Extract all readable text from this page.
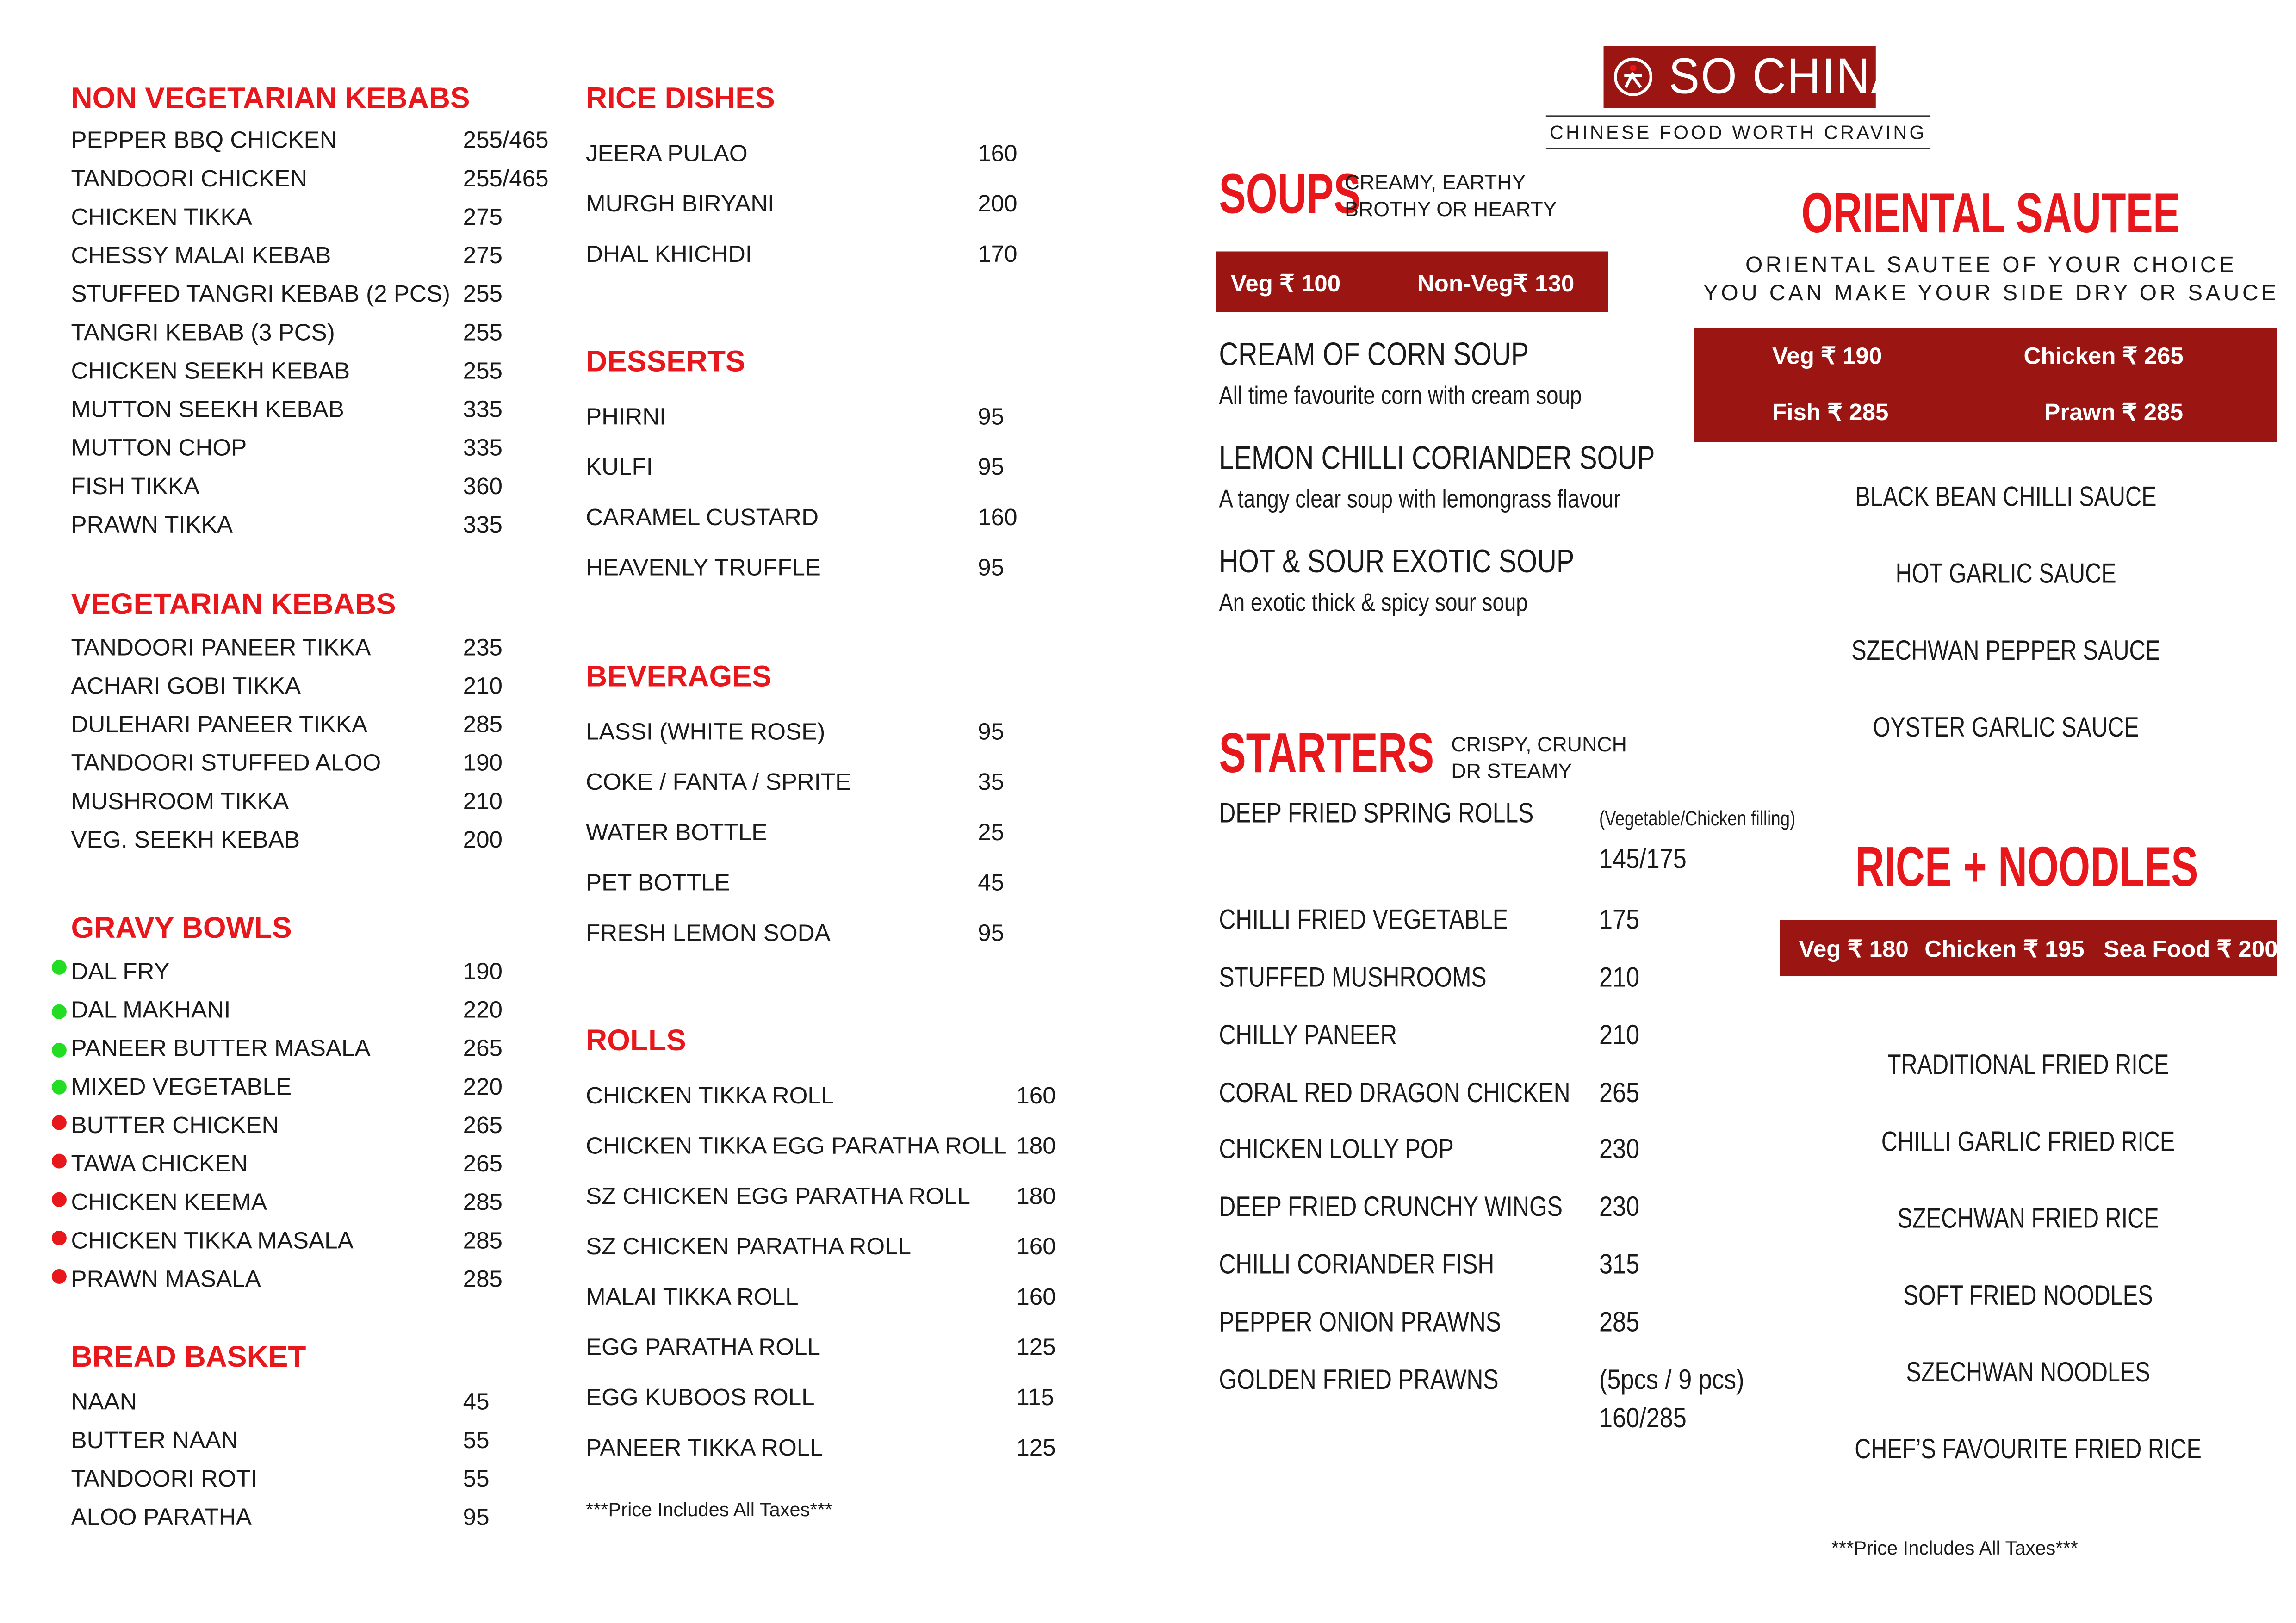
NON VEGETARIAN KEBABS
PEPPER BBQ CHICKEN	255/465
TANDOORI CHICKEN	255/465
CHICKEN TIKKA	275
CHESSY MALAI KEBAB	275
STUFFED TANGRI KEBAB (2 PCS) 255
TANGRI KEBAB (3 PCS)	255
CHICKEN SEEKH KEBAB	255
MUTTON SEEKH KEBAB	335
MUTTON CHOP	335
FISH TIKKA	360
PRAWN TIKKA	335
VEGETARIAN KEBABS
TANDOORI PANEER TIKKA	235
ACHARI GOBI TIKKA	210
DULEHARI PANEER TIKKA	285
TANDOORI STUFFED ALOO	190
MUSHROOM TIKKA	210
VEG. SEEKH KEBAB	200
GRAVY BOWLS
DAL FRY	190
DAL MAKHANI	220
PANEER BUTTER MASALA	265
MIXED VEGETABLE	220
BUTTER CHICKEN	265
TAWA CHICKEN	265
CHICKEN KEEMA	285
CHICKEN TIKKA MASALA	285
PRAWN MASALA	285
BREAD BASKET
NAAN	45
BUTTER NAAN	55
TANDOORI ROTI	55
ALOO PARATHA	95
RICE DISHES
JEERA PULAO	160
MURGH BIRYANI	200
DHAL KHICHDI	170
DESSERTS
PHIRNI	95
KULFI	95
CARAMEL CUSTARD	160
HEAVENLY TRUFFLE	95
BEVERAGES
LASSI (WHITE ROSE)	95
COKE / FANTA / SPRITE	35
WATER BOTTLE	25
PET BOTTLE	45
FRESH LEMON SODA	95
ROLLS
CHICKEN TIKKA ROLL	160
CHICKEN TIKKA EGG PARATHA ROLL 180
SZ CHICKEN EGG PARATHA ROLL	180
SZ CHICKEN PARATHA ROLL	160
MALAI TIKKA ROLL	160
EGG PARATHA ROLL	125
EGG KUBOOS ROLL	115
PANEER TIKKA ROLL	125
***Price Includes All Taxes***
SO CHINA
CHINESE FOOD WORTH CRAVING
SOUPS
CREAMY, EARTHY
BROTHY OR HEARTY
Veg ₹ 100	Non-Veg₹ 130
CREAM OF CORN SOUP
All time favourite corn with cream soup
LEMON CHILLI CORIANDER SOUP
A tangy clear soup with lemongrass flavour
HOT & SOUR EXOTIC SOUP
An exotic thick & spicy sour soup
STARTERS	CRISPY, CRUNCH
DR STEAMY
DEEP FRIED SPRING ROLLS	(Vegetable/Chicken filling)
145/175
CHILLI FRIED VEGETABLE	175
STUFFED MUSHROOMS	210
CHILLY PANEER	210
CORAL RED DRAGON CHICKEN	265
CHICKEN LOLLY POP	230
DEEP FRIED CRUNCHY WINGS	230
CHILLI CORIANDER FISH	315
PEPPER ONION PRAWNS	285
GOLDEN FRIED PRAWNS	(5pcs / 9 pcs)
160/285
ORIENTAL SAUTEE
ORIENTAL SAUTEE OF YOUR CHOICE
YOU CAN MAKE YOUR SIDE DRY OR SAUCE
Veg ₹ 190	Chicken ₹ 265
Fish ₹ 285	Prawn ₹ 285
BLACK BEAN CHILLI SAUCE
HOT GARLIC SAUCE
SZECHWAN PEPPER SAUCE
OYSTER GARLIC SAUCE
RICE + NOODLES
Veg ₹ 180 Chicken ₹ 195	Sea Food ₹ 200
TRADITIONAL FRIED RICE
CHILLI GARLIC FRIED RICE
SZECHWAN FRIED RICE
SOFT FRIED NOODLES
SZECHWAN NOODLES
CHEF’S FAVOURITE FRIED RICE
***Price Includes All Taxes***
